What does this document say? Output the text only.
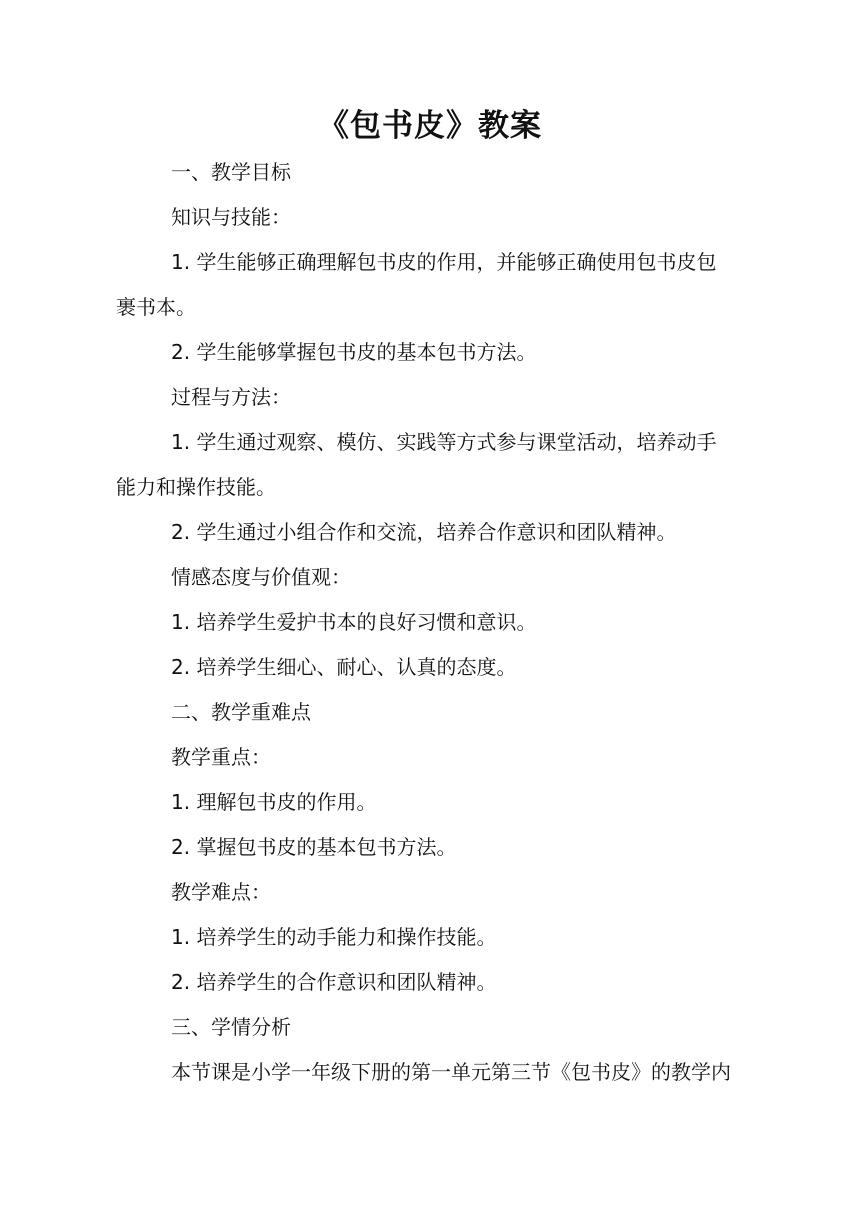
《包书皮》教案

一、教学目标

知识与技能：

1. 学生能够正确理解包书皮的作用，并能够正确使用包书皮包裹书本。

2. 学生能够掌握包书皮的基本包书方法。

过程与方法：

1. 学生通过观察、模仿、实践等方式参与课堂活动，培养动手能力和操作技能。

2. 学生通过小组合作和交流，培养合作意识和团队精神。

情感态度与价值观：

1. 培养学生爱护书本的良好习惯和意识。

2. 培养学生细心、耐心、认真的态度。

二、教学重难点

教学重点：

1. 理解包书皮的作用。

2. 掌握包书皮的基本包书方法。

教学难点：

1. 培养学生的动手能力和操作技能。

2. 培养学生的合作意识和团队精神。

三、学情分析

本节课是小学一年级下册的第一单元第三节《包书皮》的教学内
